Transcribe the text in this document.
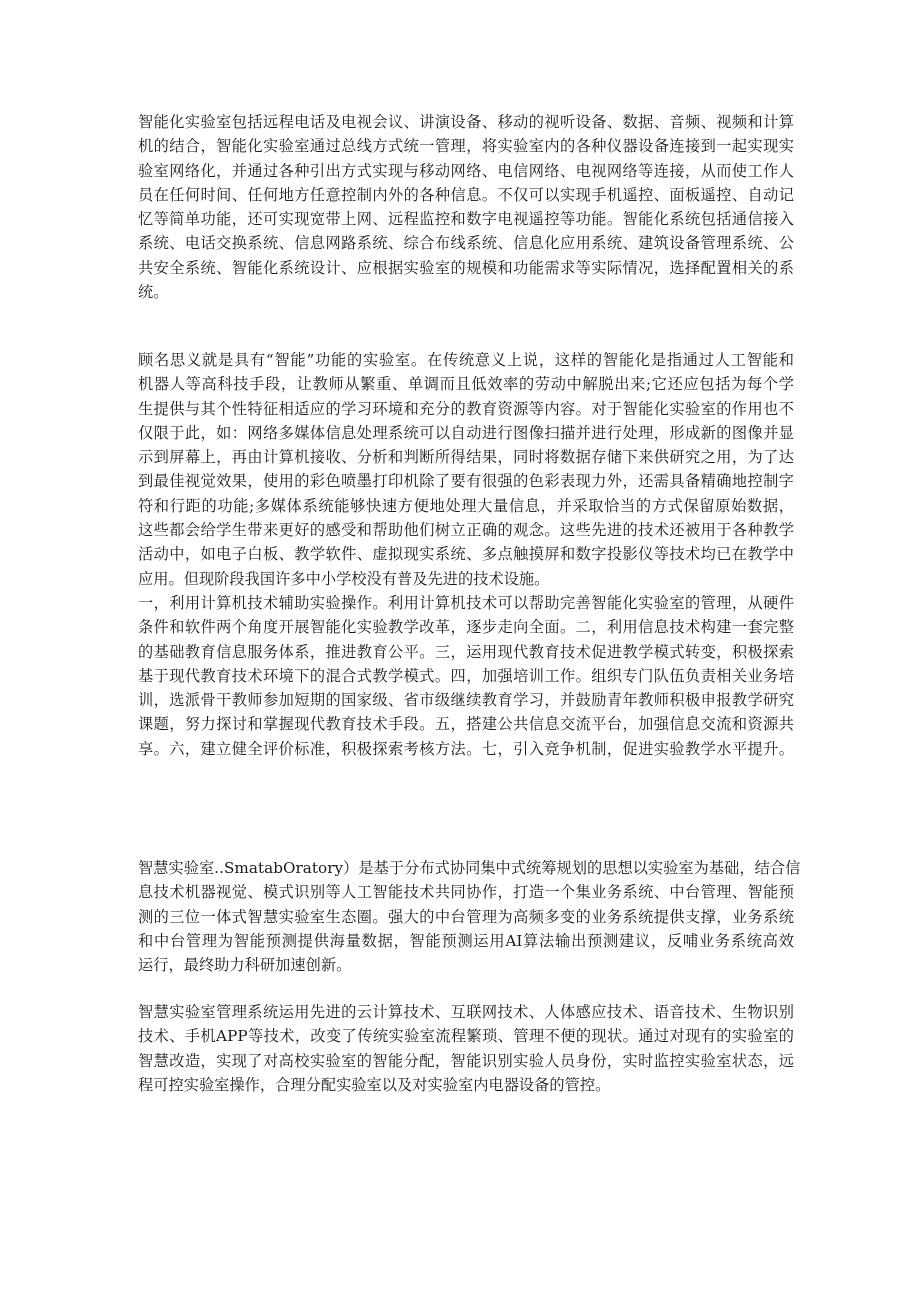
智能化实验室包括远程电话及电视会议、讲演设备、移动的视听设备、数据、音频、视频和计算
机的结合，智能化实验室通过总线方式统一管理，将实验室内的各种仪器设备连接到一起实现实
验室网络化，并通过各种引出方式实现与移动网络、电信网络、电视网络等连接，从而使工作人
员在任何时间、任何地方任意控制内外的各种信息。不仅可以实现手机遥控、面板遥控、自动记
忆等简单功能，还可实现宽带上网、远程监控和数字电视遥控等功能。智能化系统包括通信接入
系统、电话交换系统、信息网路系统、综合布线系统、信息化应用系统、建筑设备管理系统、公
共安全系统、智能化系统设计、应根据实验室的规模和功能需求等实际情况，选择配置相关的系
统。

顾名思义就是具有“智能”功能的实验室。在传统意义上说，这样的智能化是指通过人工智能和
机器人等高科技手段，让教师从繁重、单调而且低效率的劳动中解脱出来;它还应包括为每个学
生提供与其个性特征相适应的学习环境和充分的教育资源等内容。对于智能化实验室的作用也不
仅限于此，如：网络多媒体信息处理系统可以自动进行图像扫描并进行处理，形成新的图像并显
示到屏幕上，再由计算机接收、分析和判断所得结果，同时将数据存储下来供研究之用，为了达
到最佳视觉效果，使用的彩色喷墨打印机除了要有很强的色彩表现力外，还需具备精确地控制字
符和行距的功能;多媒体系统能够快速方便地处理大量信息，并采取恰当的方式保留原始数据，
这些都会给学生带来更好的感受和帮助他们树立正确的观念。这些先进的技术还被用于各种教学
活动中，如电子白板、教学软件、虚拟现实系统、多点触摸屏和数字投影仪等技术均已在教学中
应用。但现阶段我国许多中小学校没有普及先进的技术设施。
一，利用计算机技术辅助实验操作。利用计算机技术可以帮助完善智能化实验室的管理，从硬件
条件和软件两个角度开展智能化实验教学改革，逐步走向全面。二，利用信息技术构建一套完整
的基础教育信息服务体系，推进教育公平。三，运用现代教育技术促进教学模式转变，积极探索
基于现代教育技术环境下的混合式教学模式。四，加强培训工作。组织专门队伍负责相关业务培
训，选派骨干教师参加短期的国家级、省市级继续教育学习，并鼓励青年教师积极申报教学研究
课题，努力探讨和掌握现代教育技术手段。五，搭建公共信息交流平台，加强信息交流和资源共
享。六，建立健全评价标准，积极探索考核方法。七，引入竞争机制，促进实验教学水平提升。

智慧实验室..SmatabOratory）是基于分布式协同集中式统筹规划的思想以实验室为基础，结合信
息技术机器视觉、模式识别等人工智能技术共同协作，打造一个集业务系统、中台管理、智能预
测的三位一体式智慧实验室生态圈。强大的中台管理为高频多变的业务系统提供支撑，业务系统
和中台管理为智能预测提供海量数据，智能预测运用AI算法输出预测建议，反哺业务系统高效
运行，最终助力科研加速创新。

智慧实验室管理系统运用先进的云计算技术、互联网技术、人体感应技术、语音技术、生物识别
技术、手机APP等技术，改变了传统实验室流程繁琐、管理不便的现状。通过对现有的实验室的
智慧改造，实现了对高校实验室的智能分配，智能识别实验人员身份，实时监控实验室状态，远
程可控实验室操作，合理分配实验室以及对实验室内电器设备的管控。
